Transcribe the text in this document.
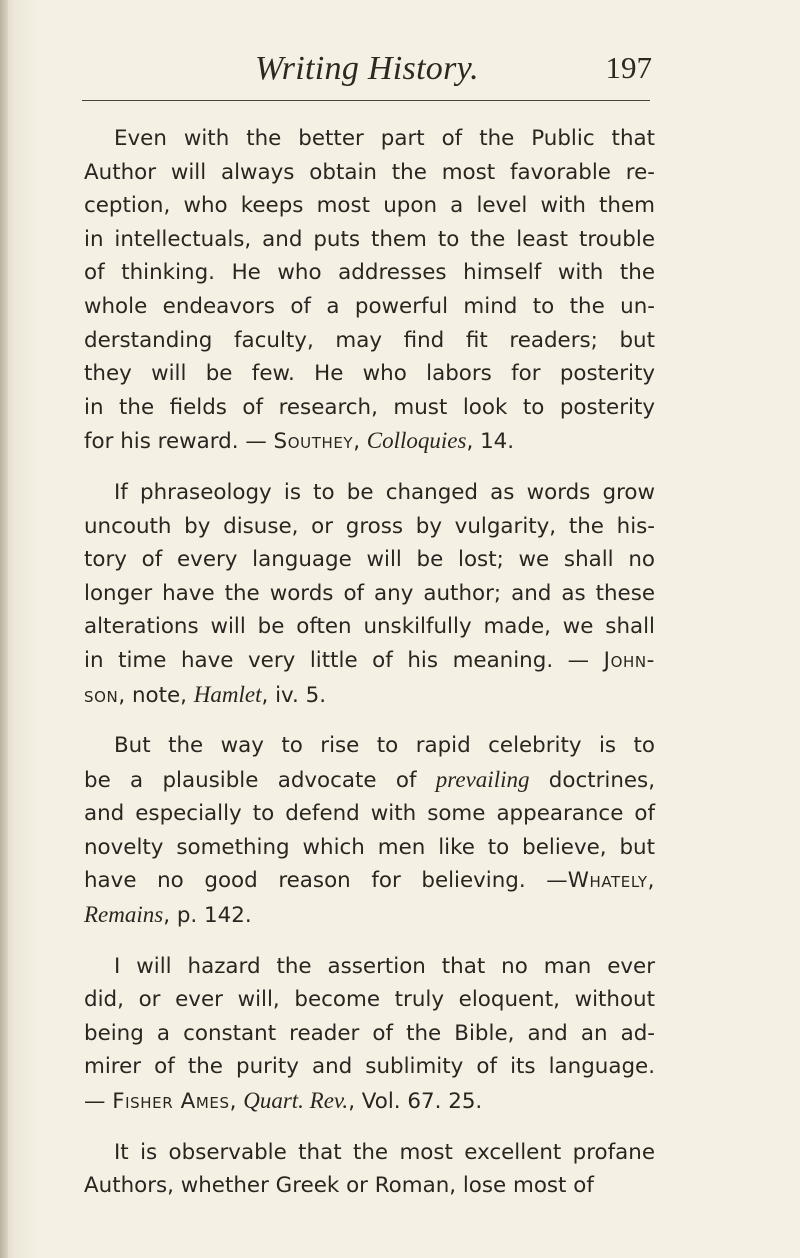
Writing History.	197
Even with the better part of the Public that
Author will always obtain the most favorable re-
ception, who keeps most upon a level with them
in intellectuals, and puts them to the least trouble
of thinking. He who addresses himself with the
whole endeavors of a powerful mind to the un-
derstanding faculty, may find fit readers; but
they will be few. He who labors for posterity
in the fields of research, must look to posterity
for his reward. — Southey, Colloquies, 14.
If phraseology is to be changed as words grow
uncouth by disuse, or gross by vulgarity, the his-
tory of every language will be lost; we shall no
longer have the words of any author; and as these
alterations will be often unskilfully made, we shall
in time have very little of his meaning. — John-
son, note, Hamlet, iv. 5.
But the way to rise to rapid celebrity is to
be a plausible advocate of prevailing doctrines,
and especially to defend with some appearance of
novelty something which men like to believe, but
have no good reason for believing. —Whately,
Remains, p. 142.
I will hazard the assertion that no man ever
did, or ever will, become truly eloquent, without
being a constant reader of the Bible, and an ad-
mirer of the purity and sublimity of its language.
— Fisher Ames, Quart. Rev., Vol. 67. 25.
It is observable that the most excellent profane
Authors, whether Greek or Roman, lose most of
